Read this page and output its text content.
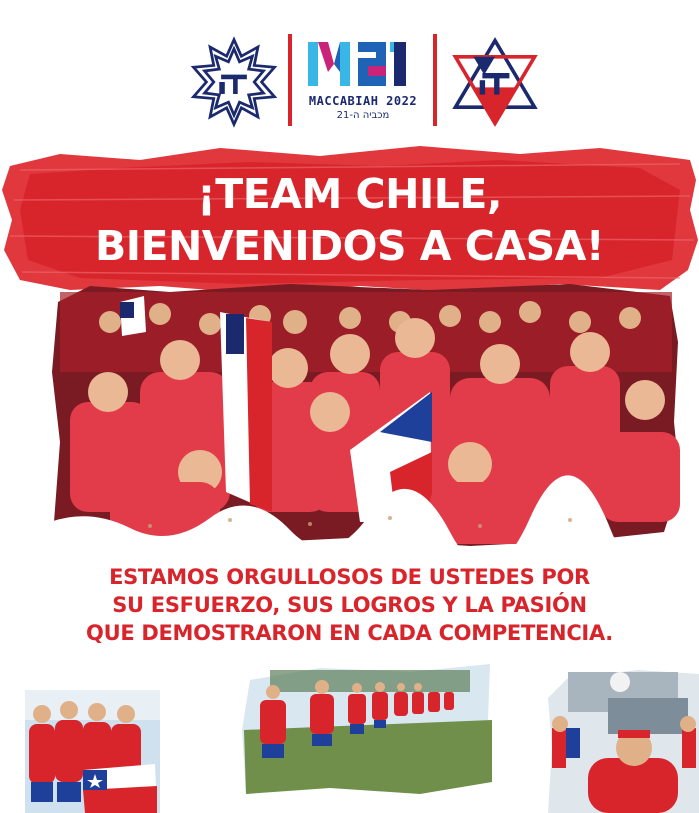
MACCABIAH 2022
מכביה ה-21
¡TEAM CHILE,
BIENVENIDOS A CASA!
ESTAMOS ORGULLOSOS DE USTEDES POR
SU ESFUERZO, SUS LOGROS Y LA PASIÓN
QUE DEMOSTRARON EN CADA COMPETENCIA.
